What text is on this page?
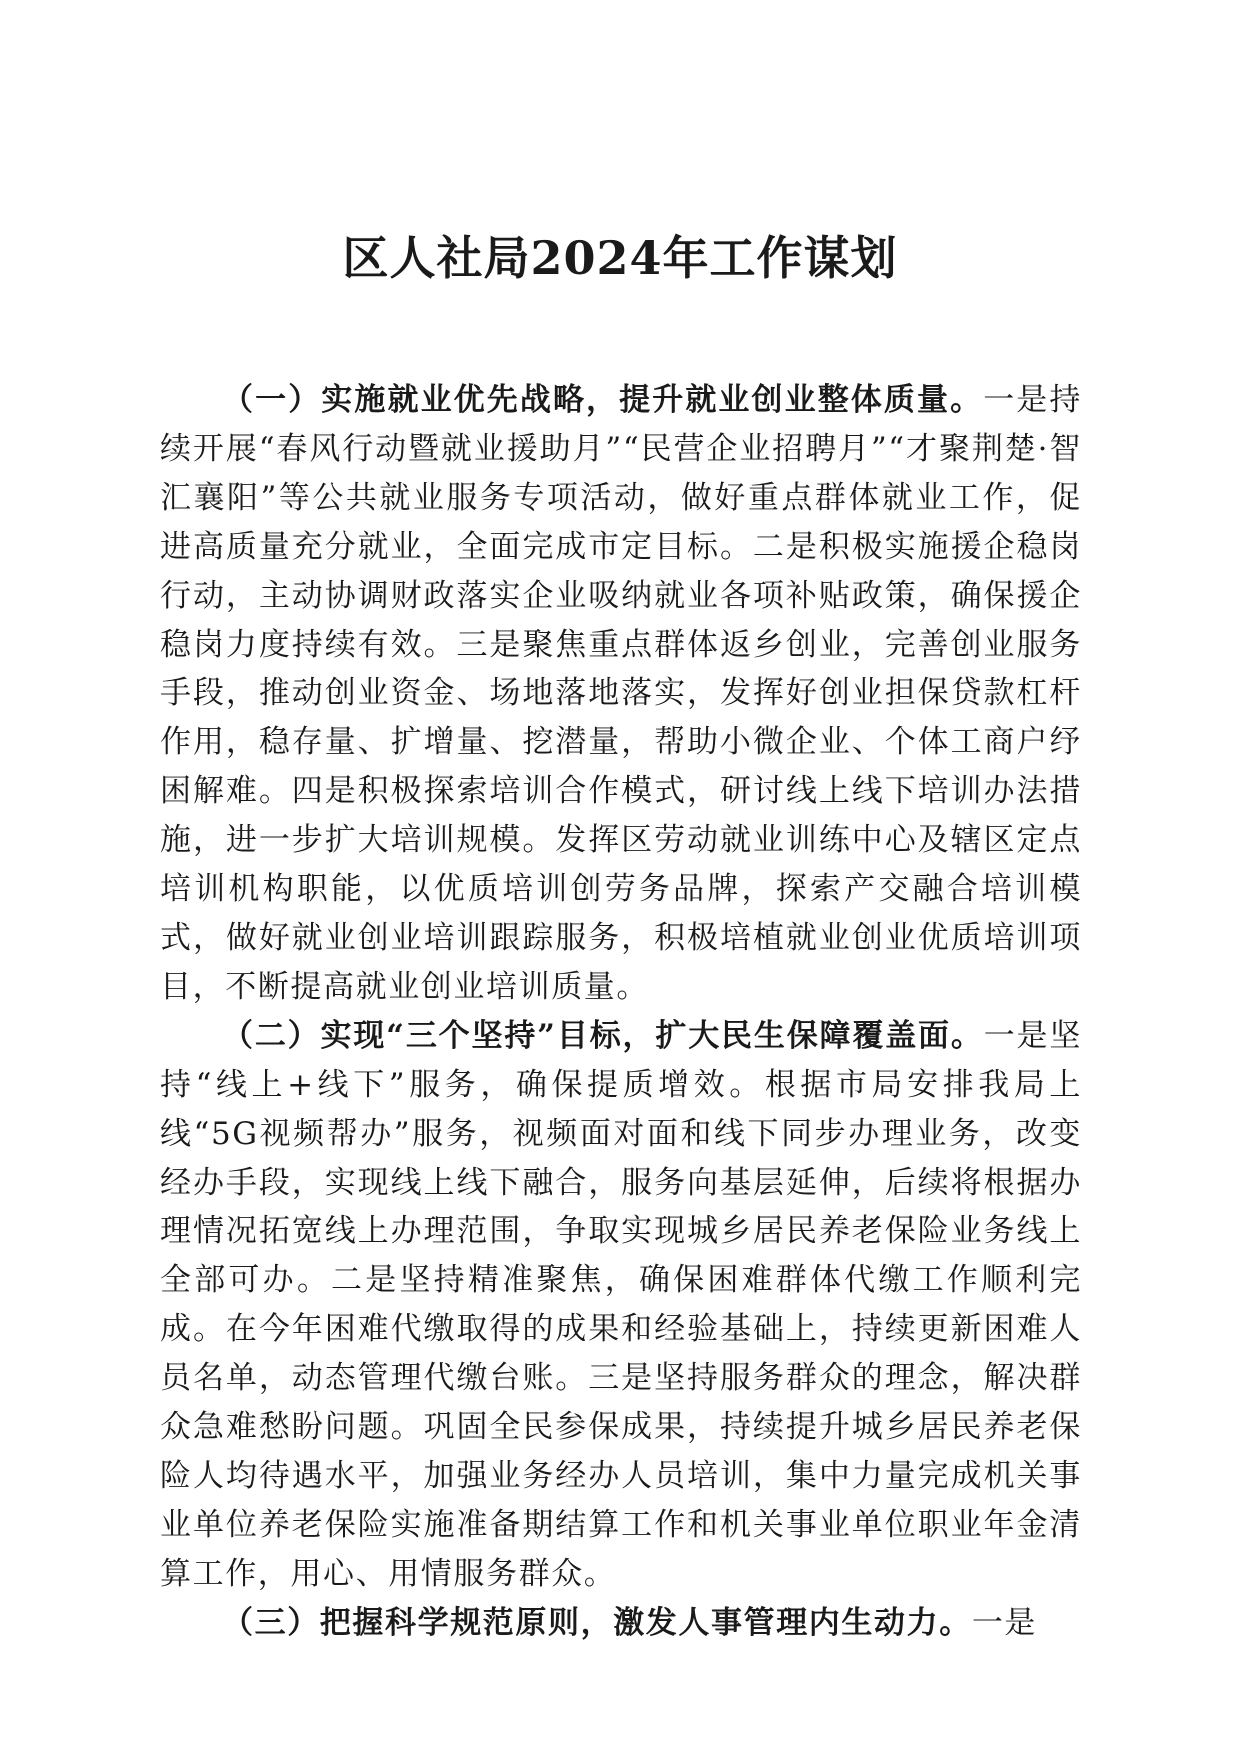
区人社局2024年工作谋划

（一）实施就业优先战略，提升就业创业整体质量。一是持续开展“春风行动暨就业援助月”“民营企业招聘月”“才聚荆楚·智汇襄阳”等公共就业服务专项活动，做好重点群体就业工作，促进高质量充分就业，全面完成市定目标。二是积极实施援企稳岗行动，主动协调财政落实企业吸纳就业各项补贴政策，确保援企稳岗力度持续有效。三是聚焦重点群体返乡创业，完善创业服务手段，推动创业资金、场地落地落实，发挥好创业担保贷款杠杆作用，稳存量、扩增量、挖潜量，帮助小微企业、个体工商户纾困解难。四是积极探索培训合作模式，研讨线上线下培训办法措施，进一步扩大培训规模。发挥区劳动就业训练中心及辖区定点培训机构职能，以优质培训创劳务品牌，探索产交融合培训模式，做好就业创业培训跟踪服务，积极培植就业创业优质培训项目，不断提高就业创业培训质量。

（二）实现“三个坚持”目标，扩大民生保障覆盖面。一是坚持“线上+线下”服务，确保提质增效。根据市局安排我局上线“5G视频帮办”服务，视频面对面和线下同步办理业务，改变经办手段，实现线上线下融合，服务向基层延伸，后续将根据办理情况拓宽线上办理范围，争取实现城乡居民养老保险业务线上全部可办。二是坚持精准聚焦，确保困难群体代缴工作顺利完成。在今年困难代缴取得的成果和经验基础上，持续更新困难人员名单，动态管理代缴台账。三是坚持服务群众的理念，解决群众急难愁盼问题。巩固全民参保成果，持续提升城乡居民养老保险人均待遇水平，加强业务经办人员培训，集中力量完成机关事业单位养老保险实施准备期结算工作和机关事业单位职业年金清算工作，用心、用情服务群众。

（三）把握科学规范原则，激发人事管理内生动力。一是
